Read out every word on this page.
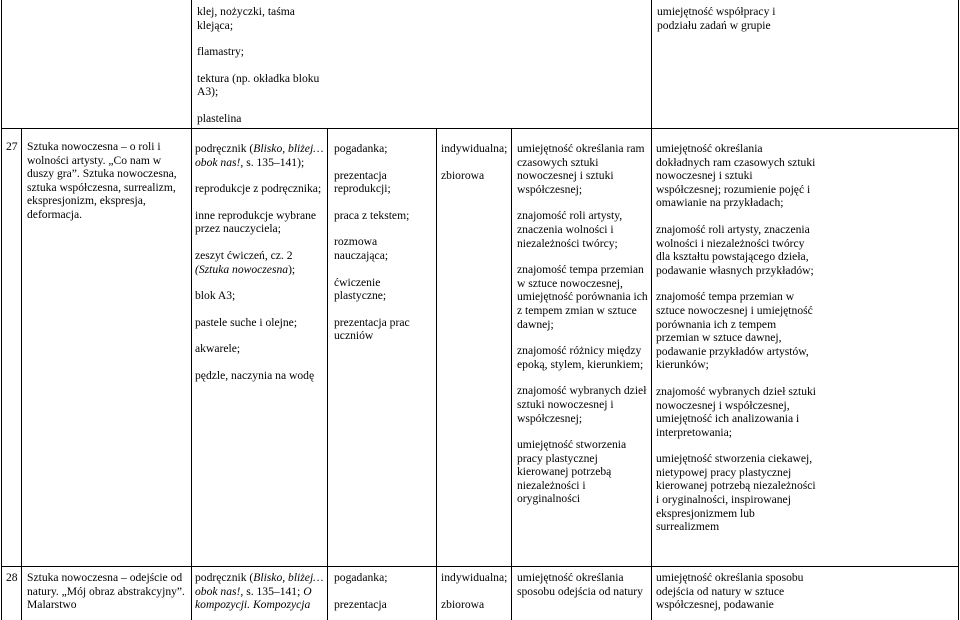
klej, nożyczki, taśma klejąca;

flamastry;

tektura (np. okładka bloku A3);

plastelina

umiejętność współpracy i podziału zadań w grupie

27 Sztuka nowoczesna – o roli i wolności artysty. „Co nam w duszy gra”. Sztuka nowoczesna, sztuka współczesna, surrealizm, ekspresjonizm, ekspresja, deformacja.

podręcznik (Blisko, bliżej…obok nas!, s. 135–141);

reprodukcje z podręcznika;

inne reprodukcje wybrane przez nauczyciela;

zeszyt ćwiczeń, cz. 2
(Sztuka nowoczesna);

blok A3;

pastele suche i olejne;

akwarele;

pędzle, naczynia na wodę

pogadanka;

prezentacja reprodukcji;

praca z tekstem;

rozmowa nauczająca;

ćwiczenie plastyczne;

prezentacja prac uczniów

indywidualna;

zbiorowa

umiejętność określania ram czasowych sztuki nowoczesnej i sztuki współczesnej;

znajomość roli artysty, znaczenia wolności i niezależności twórcy;

znajomość tempa przemian w sztuce nowoczesnej, umiejętność porównania ich z tempem zmian w sztuce dawnej;

znajomość różnicy między epoką, stylem, kierunkiem;

znajomość wybranych dzieł sztuki nowoczesnej i współczesnej;

umiejętność stworzenia pracy plastycznej kierowanej potrzebą niezależności i oryginalności

umiejętność określania dokładnych ram czasowych sztuki nowoczesnej i sztuki współczesnej; rozumienie pojęć i omawianie na przykładach;

znajomość roli artysty, znaczenia wolności i niezależności twórcy dla kształtu powstającego dzieła, podawanie własnych przykładów;

znajomość tempa przemian w sztuce nowoczesnej i umiejętność porównania ich z tempem przemian w sztuce dawnej, podawanie przykładów artystów, kierunków;

znajomość wybranych dzieł sztuki nowoczesnej i współczesnej, umiejętność ich analizowania i interpretowania;

umiejętność stworzenia ciekawej, nietypowej pracy plastycznej kierowanej potrzebą niezależności i oryginalności, inspirowanej ekspresjonizmem lub surrealizmem

28 Sztuka nowoczesna – odejście od natury. „Mój obraz abstrakcyjny”. Malarstwo

podręcznik (Blisko, bliżej… obok nas!, s. 135–141; O kompozycji. Kompozycja

pogadanka;

prezentacja

indywidualna;

zbiorowa

umiejętność określania sposobu odejścia od natury

umiejętność określania sposobu odejścia od natury w sztuce współczesnej, podawanie
